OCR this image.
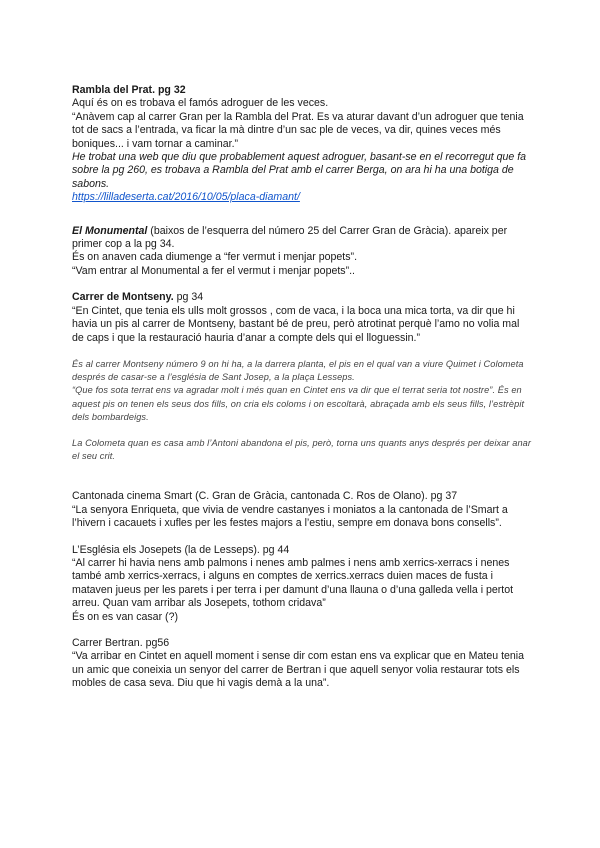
Rambla del Prat. pg 32

Aquí és on es trobava el famós adroguer de les veces.

“Anàvem cap al carrer Gran per la Rambla del Prat. Es va aturar davant d’un adroguer que tenia tot de sacs a l’entrada, va ficar la mà dintre d’un sac ple de veces, va dir, quines veces més boniques... i vam tornar a caminar.”

He trobat una web que diu que probablement aquest adroguer, basant-se en el recorregut que fa sobre la pg 260, es trobava a Rambla del Prat amb el carrer Berga, on ara hi ha una botiga de sabons.

https://lilladeserta.cat/2016/10/05/placa-diamant/

El Monumental (baixos de l’esquerra del número 25 del Carrer Gran de Gràcia). apareix per primer cop a la pg 34.

És on anaven cada diumenge a “fer vermut i menjar popets”.

“Vam entrar al Monumental a fer el vermut i menjar popets”..

Carrer de Montseny. pg 34

“En Cintet, que tenia els ulls molt grossos , com de vaca, i la boca una mica torta, va dir que hi havia un pis al carrer de Montseny, bastant bé de preu, però atrotinat perquè l’amo no volia mal de caps i que la restauració hauria d’anar a compte dels qui el lloguessin.”

És al carrer Montseny número 9 on hi ha, a la darrera planta, el pis en el qual van a viure Quimet i Colometa després de casar-se a l’església de Sant Josep, a la plaça Lesseps.

“Que fos sota terrat ens va agradar molt i més quan en Cintet ens va dir que el terrat seria tot nostre”. És en aquest pis on tenen els seus dos fills, on cria els coloms i on escoltarà, abraçada amb els seus fills, l’estrèpit dels bombardeigs.

La Colometa quan es casa amb l’Antoni abandona el pis, però, torna uns quants anys després per deixar anar el seu crit.

Cantonada cinema Smart (C. Gran de Gràcia, cantonada C. Ros de Olano). pg 37

“La senyora Enriqueta, que vivia de vendre castanyes i moniatos a la cantonada de l’Smart a l’hivern i cacauets i xufles per les festes majors a l’estiu, sempre em donava bons consells”.

L’Església els Josepets (la de Lesseps). pg 44

“Al carrer hi havia nens amb palmons i nenes amb palmes i nens amb xerrics-xerracs i nenes també amb xerrics-xerracs, i alguns en comptes de xerrics.xerracs duien maces de fusta i mataven jueus per les parets i per terra i per damunt d’una llauna o d’una galleda vella i pertot arreu. Quan vam arribar als Josepets, tothom cridava”

És on es van casar (?)

Carrer Bertran. pg56

“Va arribar en Cintet en aquell moment i sense dir com estan ens va explicar que en Mateu tenia un amic que coneixia un senyor del carrer de Bertran i que aquell senyor volia restaurar tots els mobles de casa seva. Diu que hi vagis demà a la una”.
